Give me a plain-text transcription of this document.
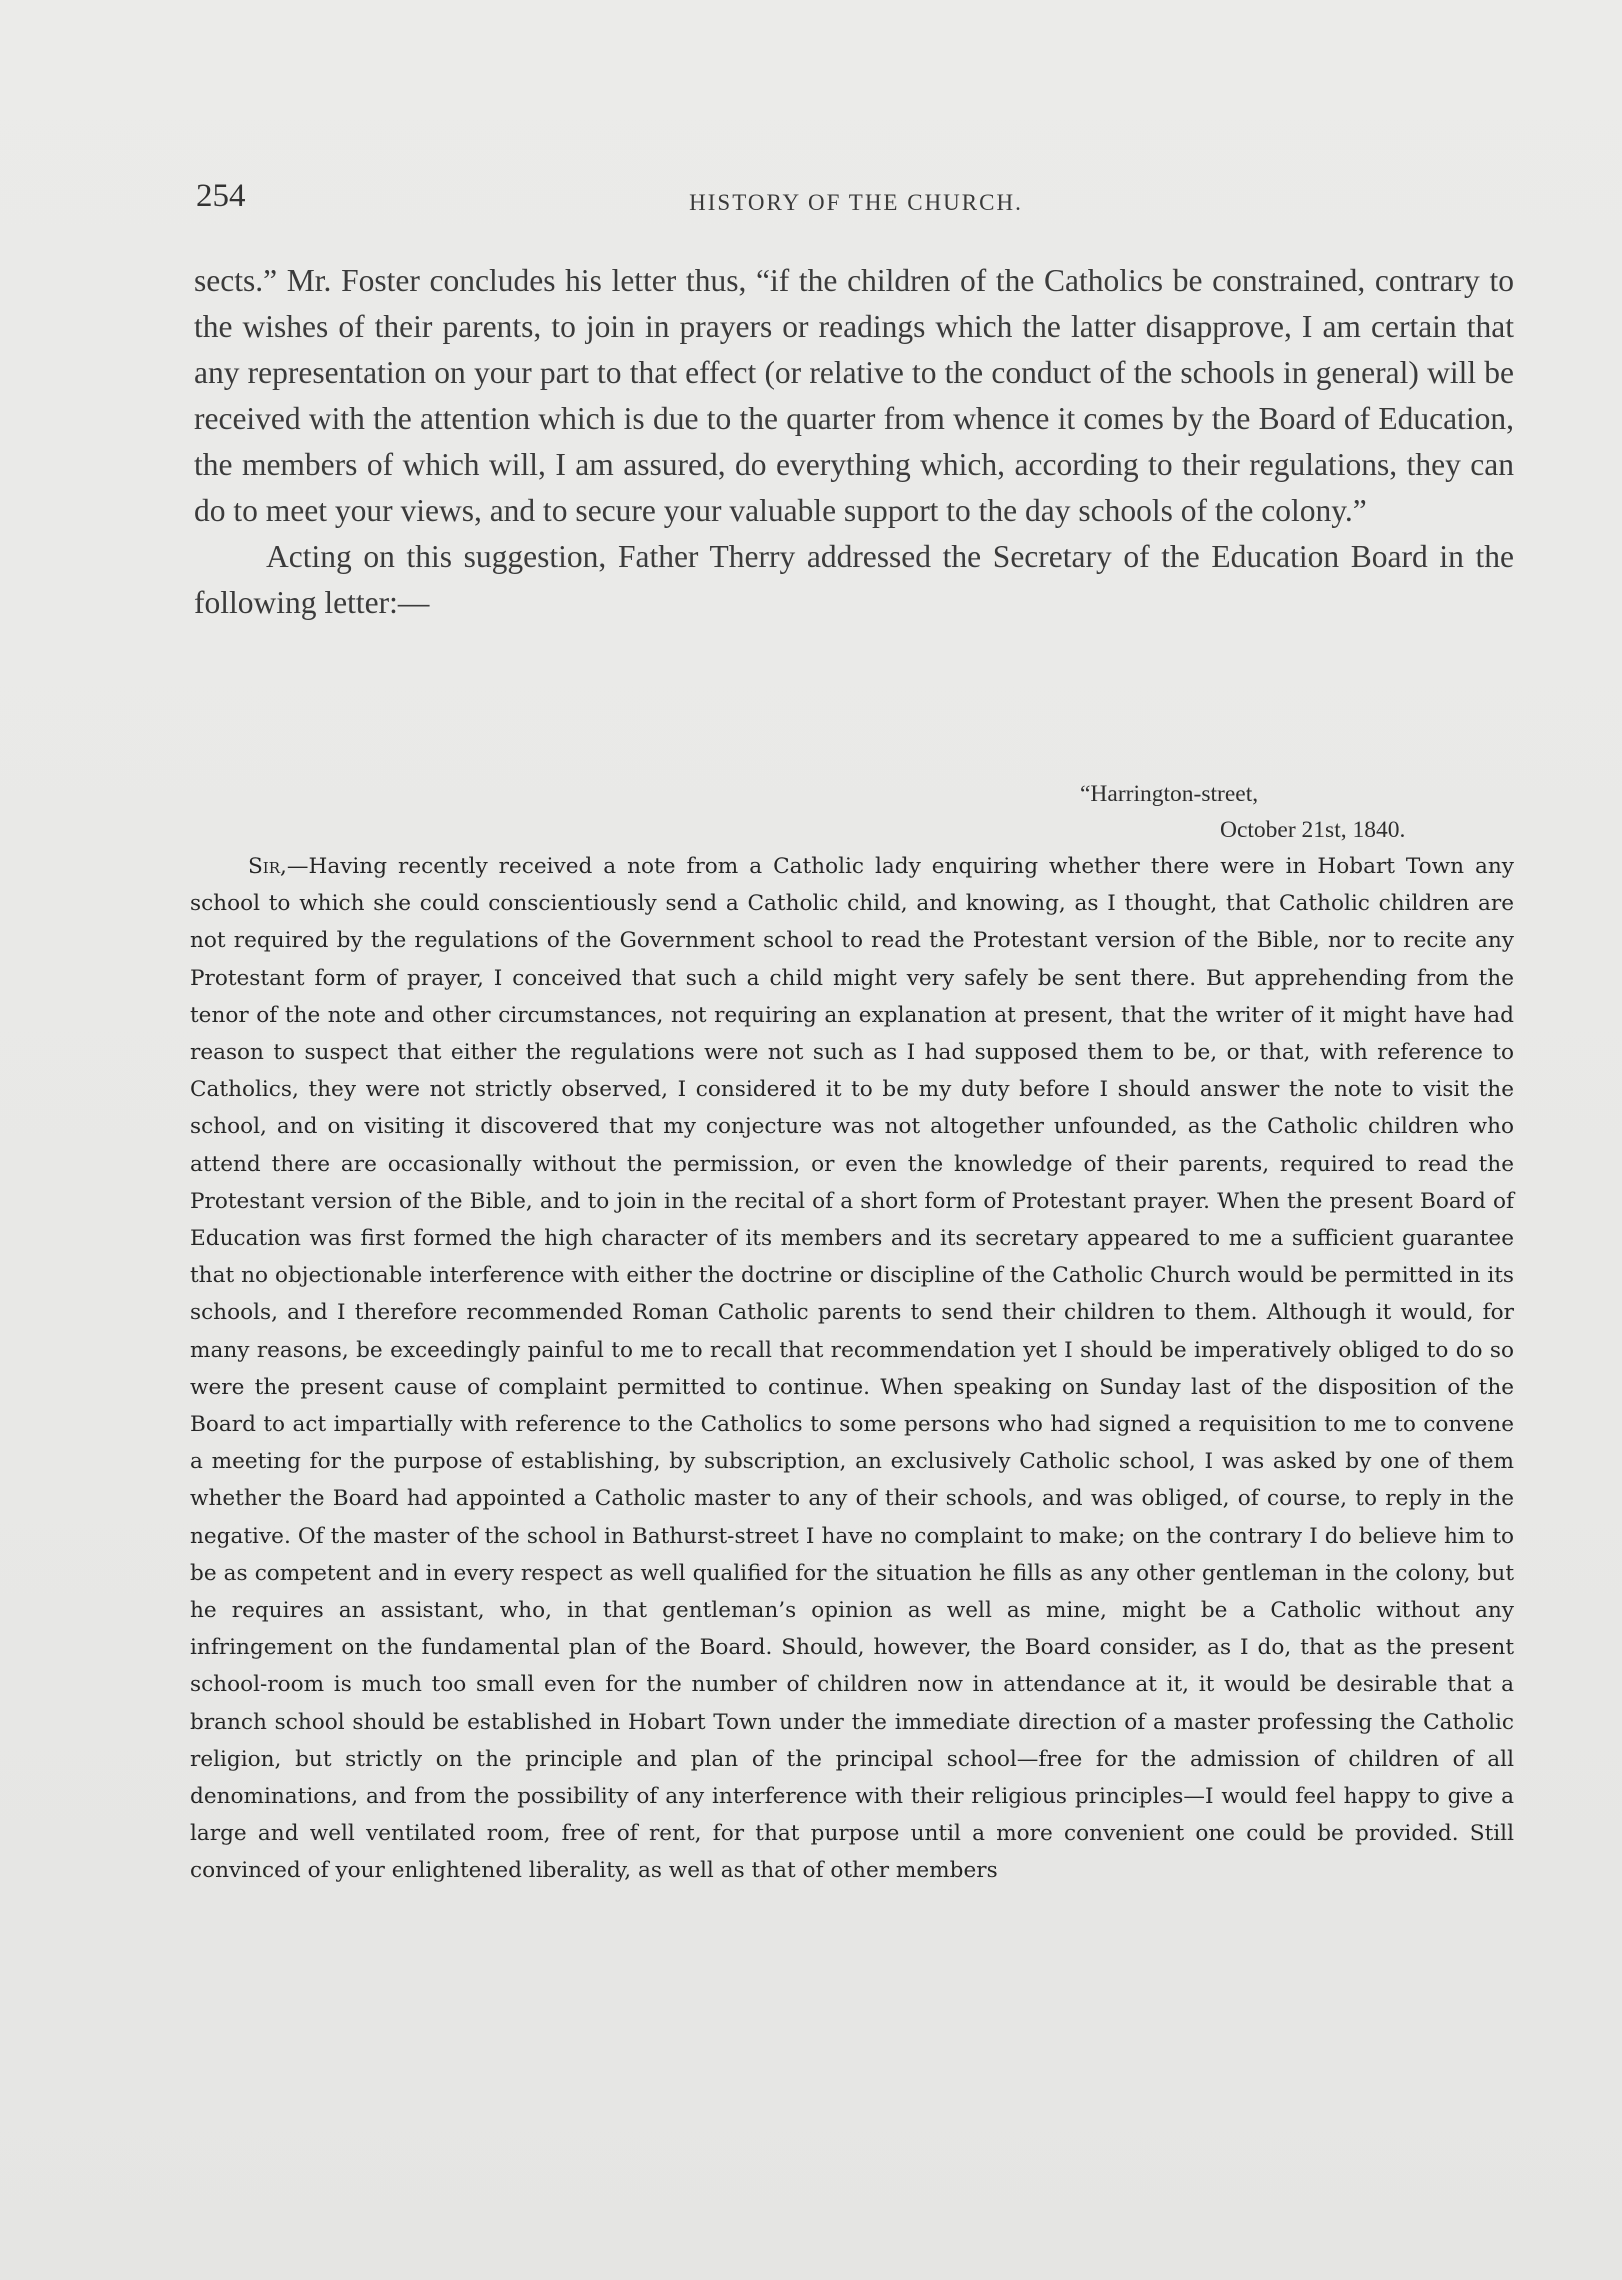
254	HISTORY OF THE CHURCH.

sects.” Mr. Foster concludes his letter thus, “if the children of the Catholics be constrained, contrary to the wishes of their parents, to join in prayers or readings which the latter disapprove, I am certain that any representation on your part to that effect (or relative to the conduct of the schools in general) will be received with the attention which is due to the quarter from whence it comes by the Board of Education, the members of which will, I am assured, do everything which, according to their regulations, they can do to meet your views, and to secure your valuable support to the day schools of the colony.”

Acting on this suggestion, Father Therry addressed the Secretary of the Education Board in the following letter:—

“Harrington-street,
October 21st, 1840.

Sir,—Having recently received a note from a Catholic lady enquiring whether there were in Hobart Town any school to which she could conscientiously send a Catholic child, and knowing, as I thought, that Catholic children are not required by the regulations of the Government school to read the Protestant version of the Bible, nor to recite any Protestant form of prayer, I conceived that such a child might very safely be sent there. But apprehending from the tenor of the note and other circumstances, not requiring an explanation at present, that the writer of it might have had reason to suspect that either the regulations were not such as I had supposed them to be, or that, with reference to Catholics, they were not strictly observed, I considered it to be my duty before I should answer the note to visit the school, and on visiting it discovered that my conjecture was not altogether unfounded, as the Catholic children who attend there are occasionally without the permission, or even the knowledge of their parents, required to read the Protestant version of the Bible, and to join in the recital of a short form of Protestant prayer. When the present Board of Education was first formed the high character of its members and its secretary appeared to me a sufficient guarantee that no objectionable interference with either the doctrine or discipline of the Catholic Church would be permitted in its schools, and I therefore recommended Roman Catholic parents to send their children to them. Although it would, for many reasons, be exceedingly painful to me to recall that recommendation yet I should be imperatively obliged to do so were the present cause of complaint permitted to continue. When speaking on Sunday last of the disposition of the Board to act impartially with reference to the Catholics to some persons who had signed a requisition to me to convene a meeting for the purpose of establishing, by subscription, an exclusively Catholic school, I was asked by one of them whether the Board had appointed a Catholic master to any of their schools, and was obliged, of course, to reply in the negative. Of the master of the school in Bathurst-street I have no complaint to make; on the contrary I do believe him to be as competent and in every respect as well qualified for the situation he fills as any other gentleman in the colony, but he requires an assistant, who, in that gentleman’s opinion as well as mine, might be a Catholic without any infringement on the fundamental plan of the Board. Should, however, the Board consider, as I do, that as the present school-room is much too small even for the number of children now in attendance at it, it would be desirable that a branch school should be established in Hobart Town under the immediate direction of a master professing the Catholic religion, but strictly on the principle and plan of the principal school—free for the admission of children of all denominations, and from the possibility of any interference with their religious principles—I would feel happy to give a large and well ventilated room, free of rent, for that purpose until a more convenient one could be provided. Still convinced of your enlightened liberality, as well as that of other members
